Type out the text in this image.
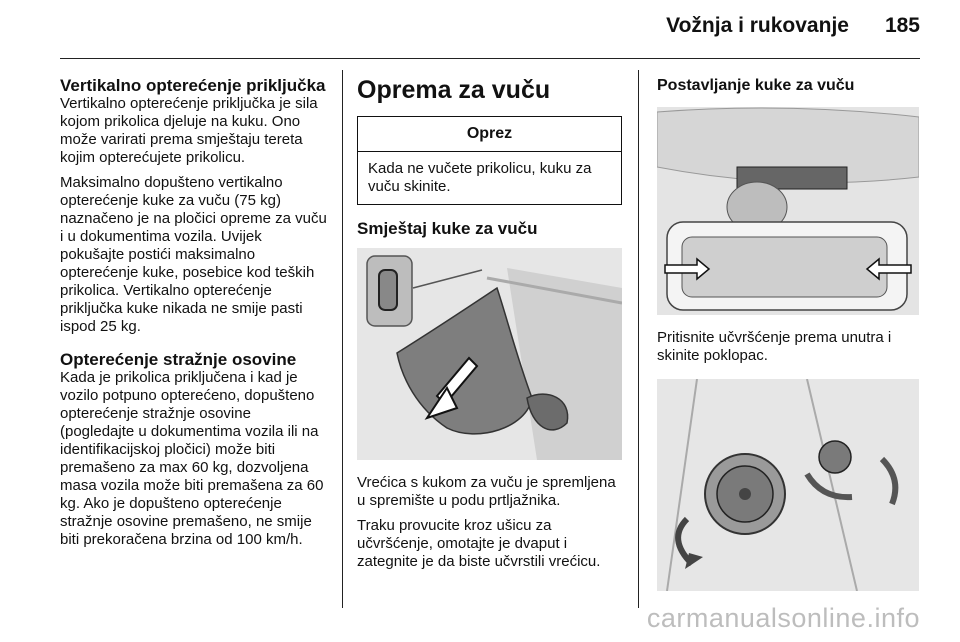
Vožnja i rukovanje 185
Vertikalno opterećenje priključka

Vertikalno opterećenje priključka je sila kojom prikolica djeluje na kuku. Ono može varirati prema smještaju tereta kojim opterećujete prikolicu.

Maksimalno dopušteno vertikalno opterećenje kuke za vuču (75 kg) naznačeno je na pločici opreme za vuču i u dokumentima vozila. Uvijek pokušajte postići maksimalno opterećenje kuke, posebice kod teških prikolica. Vertikalno opterećenje priključka kuke nikada ne smije pasti ispod 25 kg.

Opterećenje stražnje osovine

Kada je prikolica priključena i kad je vozilo potpuno opterećeno, dopušteno opterećenje stražnje osovine (pogledajte u dokumentima vozila ili na identifikacijskoj pločici) može biti premašeno za max 60 kg, dozvoljena masa vozila može biti premašena za 60 kg. Ako je dopušteno opterećenje stražnje osovine premašeno, ne smije biti prekoračena brzina od 100 km/h.

Oprema za vuču
Oprez
Kada ne vučete prikolicu, kuku za vuču skinite.
Smještaj kuke za vuču

Vrećica s kukom za vuču je spremljena u spremište u podu prtljažnika.

Traku provucite kroz ušicu za učvršćenje, omotajte je dvaput i zategnite je da biste učvrstili vrećicu.

Postavljanje kuke za vuču

Pritisnite učvršćenje prema unutra i skinite poklopac.

carmanualsonline.info
